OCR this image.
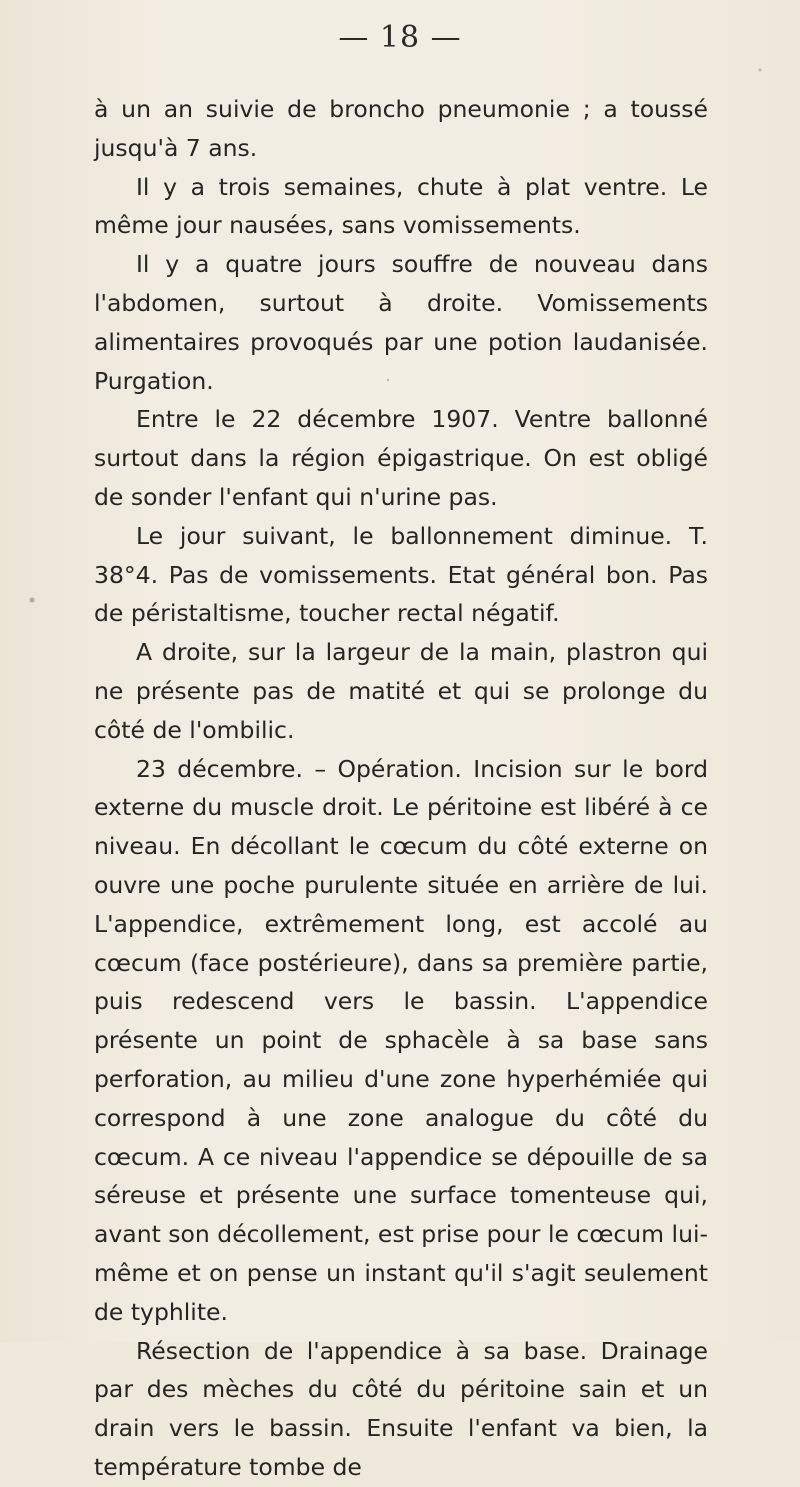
— 18 —

à un an suivie de broncho pneumonie ; a toussé jusqu'à 7 ans.

Il y a trois semaines, chute à plat ventre. Le même jour nausées, sans vomissements.

Il y a quatre jours souffre de nouveau dans l'abdomen, surtout à droite. Vomissements alimentaires provoqués par une potion laudanisée. Purgation.

Entre le 22 décembre 1907. Ventre ballonné surtout dans la région épigastrique. On est obligé de sonder l'enfant qui n'urine pas.

Le jour suivant, le ballonnement diminue. T. 38°4. Pas de vomissements. Etat général bon. Pas de péristaltisme, toucher rectal négatif.

A droite, sur la largeur de la main, plastron qui ne présente pas de matité et qui se prolonge du côté de l'ombilic.

23 décembre. – Opération. Incision sur le bord externe du muscle droit. Le péritoine est libéré à ce niveau. En décollant le cœcum du côté externe on ouvre une poche purulente située en arrière de lui. L'appendice, extrêmement long, est accolé au cœcum (face postérieure), dans sa première partie, puis redescend vers le bassin. L'appendice présente un point de sphacèle à sa base sans perforation, au milieu d'une zone hyperhémiée qui correspond à une zone analogue du côté du cœcum. A ce niveau l'appendice se dépouille de sa séreuse et présente une surface tomenteuse qui, avant son décollement, est prise pour le cœcum lui-même et on pense un instant qu'il s'agit seulement de typhlite.

Résection de l'appendice à sa base. Drainage par des mèches du côté du péritoine sain et un drain vers le bassin. Ensuite l'enfant va bien, la température tombe de
